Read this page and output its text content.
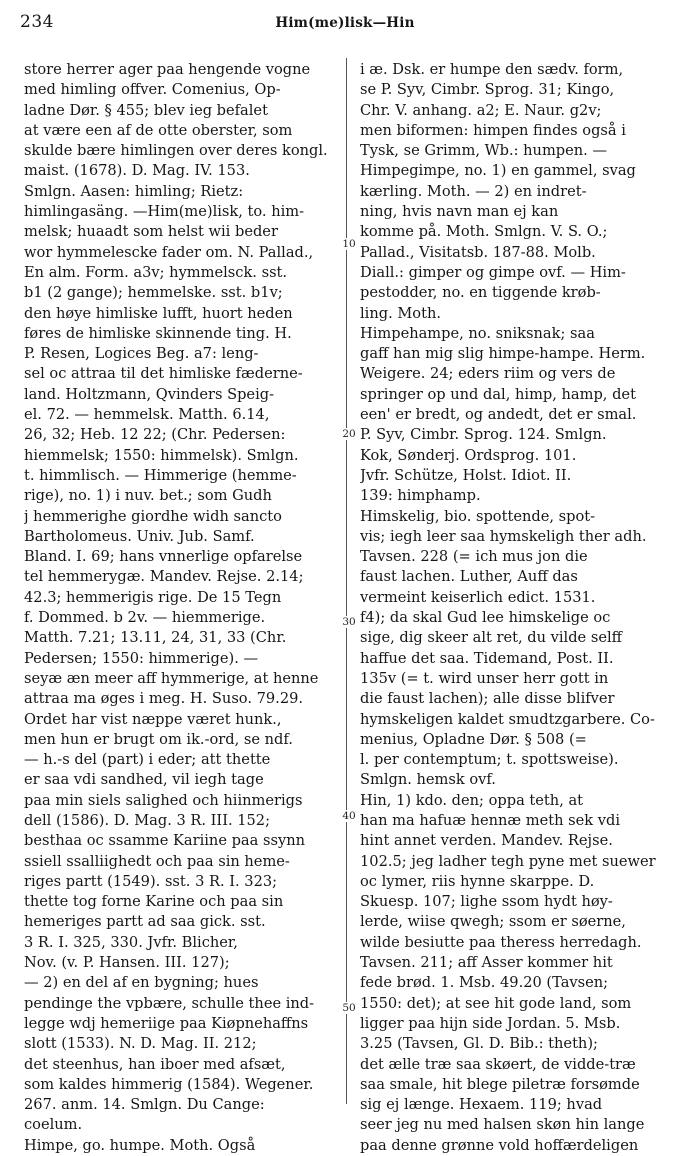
234	Him(me)lisk—Hin
10
20
30
40
50
store herrer ager paa hengende vogne
med himling offver. Comenius, Op-
ladne Dør. § 455; blev ieg befalet
at være een af de otte oberster, som
skulde bære himlingen over deres kongl.
maist. (1678). D. Mag. IV. 153.
Smlgn. Aasen: himling; Rietz:
himlingasäng. —Him(me)lisk, to. him-
melsk; huaadt som helst wii beder
wor hymmelescke fader om. N. Pallad.,
En alm. Form. a3v; hymmelsck. sst.
b1 (2 gange); hemmelske. sst. b1v;
den høye himliske lufft, huort heden
føres de himliske skinnende ting. H.
P. Resen, Logices Beg. a7: leng-
sel oc attraa til det himliske fæderne-
land. Holtzmann, Qvinders Speig-
el. 72. — hemmelsk. Matth. 6.14,
26, 32; Heb. 12 22; (Chr. Pedersen:
hiemmelsk; 1550: himmelsk). Smlgn.
t. himmlisch. — Himmerige (hemme-
rige), no. 1) i nuv. bet.; som Gudh
j hemmerighe giordhe widh sancto
Bartholomeus. Univ. Jub. Samf.
Bland. I. 69; hans vnnerlige opfarelse
tel hemmerygæ. Mandev. Rejse. 2.14;
42.3; hemmerigis rige. De 15 Tegn
f. Dommed. b 2v. — hiemmerige.
Matth. 7.21; 13.11, 24, 31, 33 (Chr.
Pedersen; 1550: himmerige). —
seyæ æn meer aff hymmerige, at henne
attraa ma øges i meg. H. Suso. 79.29.
Ordet har vist næppe været hunk.,
men hun er brugt om ik.-ord, se ndf.
— h.-s del (part) i eder; att thette
er saa vdi sandhed, vil iegh tage
paa min siels salighed och hiinmerigs
dell (1586). D. Mag. 3 R. III. 152;
besthaa oc ssamme Kariine paa ssynn
ssiell ssalliighedt och paa sin heme-
riges partt (1549). sst. 3 R. I. 323;
thette tog forne Karine och paa sin
hemeriges partt ad saa gick. sst.
3 R. I. 325, 330. Jvfr. Blicher,
Nov. (v. P. Hansen. III. 127);
— 2) en del af en bygning; hues
pendinge the vpbære, schulle thee ind-
legge wdj hemeriige paa Kiøpnehaffns
slott (1533). N. D. Mag. II. 212;
det steenhus, han iboer med afsæt,
som kaldes himmerig (1584). Wegener.
267. anm. 14. Smlgn. Du Cange:
coelum.
Himpe, go. humpe. Moth. Også
i æ. Dsk. er humpe den sædv. form,
se P. Syv, Cimbr. Sprog. 31; Kingo,
Chr. V. anhang. a2; E. Naur. g2v;
men biformen: himpen findes også i
Tysk, se Grimm, Wb.: humpen. —
Himpegimpe, no. 1) en gammel, svag
kærling. Moth. — 2) en indret-
ning, hvis navn man ej kan
komme på. Moth. Smlgn. V. S. O.;
Pallad., Visitatsb. 187-88. Molb.
Diall.: gimper og gimpe ovf. — Him-
pestodder, no. en tiggende krøb-
ling. Moth.
Himpehampe, no. sniksnak; saa
gaff han mig slig himpe-hampe. Herm.
Weigere. 24; eders riim og vers de
springer op und dal, himp, hamp, det
een' er bredt, og andedt, det er smal.
P. Syv, Cimbr. Sprog. 124. Smlgn.
Kok, Sønderj. Ordsprog. 101.
Jvfr. Schütze, Holst. Idiot. II.
139: himphamp.
Himskelig, bio. spottende, spot-
vis; iegh leer saa hymskeligh ther adh.
Tavsen. 228 (= ich mus jon die
faust lachen. Luther, Auff das
vermeint keiserlich edict. 1531.
f4); da skal Gud lee himskelige oc
sige, dig skeer alt ret, du vilde selff
haffue det saa. Tidemand, Post. II.
135v (= t. wird unser herr gott in
die faust lachen); alle disse blifver
hymskeligen kaldet smudtzgarbere. Co-
menius, Opladne Dør. § 508 (=
l. per contemptum; t. spottsweise).
Smlgn. hemsk ovf.
Hin, 1) kdo. den; oppa teth, at
han ma hafuæ hennæ meth sek vdi
hint annet verden. Mandev. Rejse.
102.5; jeg ladher tegh pyne met suewer
oc lymer, riis hynne skarppe. D.
Skuesp. 107; lighe ssom hydt høy-
lerde, wiise qwegh; ssom er søerne,
wilde besiutte paa theress herredagh.
Tavsen. 211; aff Asser kommer hit
fede brød. 1. Msb. 49.20 (Tavsen;
1550: det); at see hit gode land, som
ligger paa hijn side Jordan. 5. Msb.
3.25 (Tavsen, Gl. D. Bib.: theth);
det ælle træ saa skøert, de vidde-træ
saa smale, hit blege piletræ forsømde
sig ej længe. Hexaem. 119; hvad
seer jeg nu med halsen skøn hin lange
paa denne grønne vold hoffærdeligen
